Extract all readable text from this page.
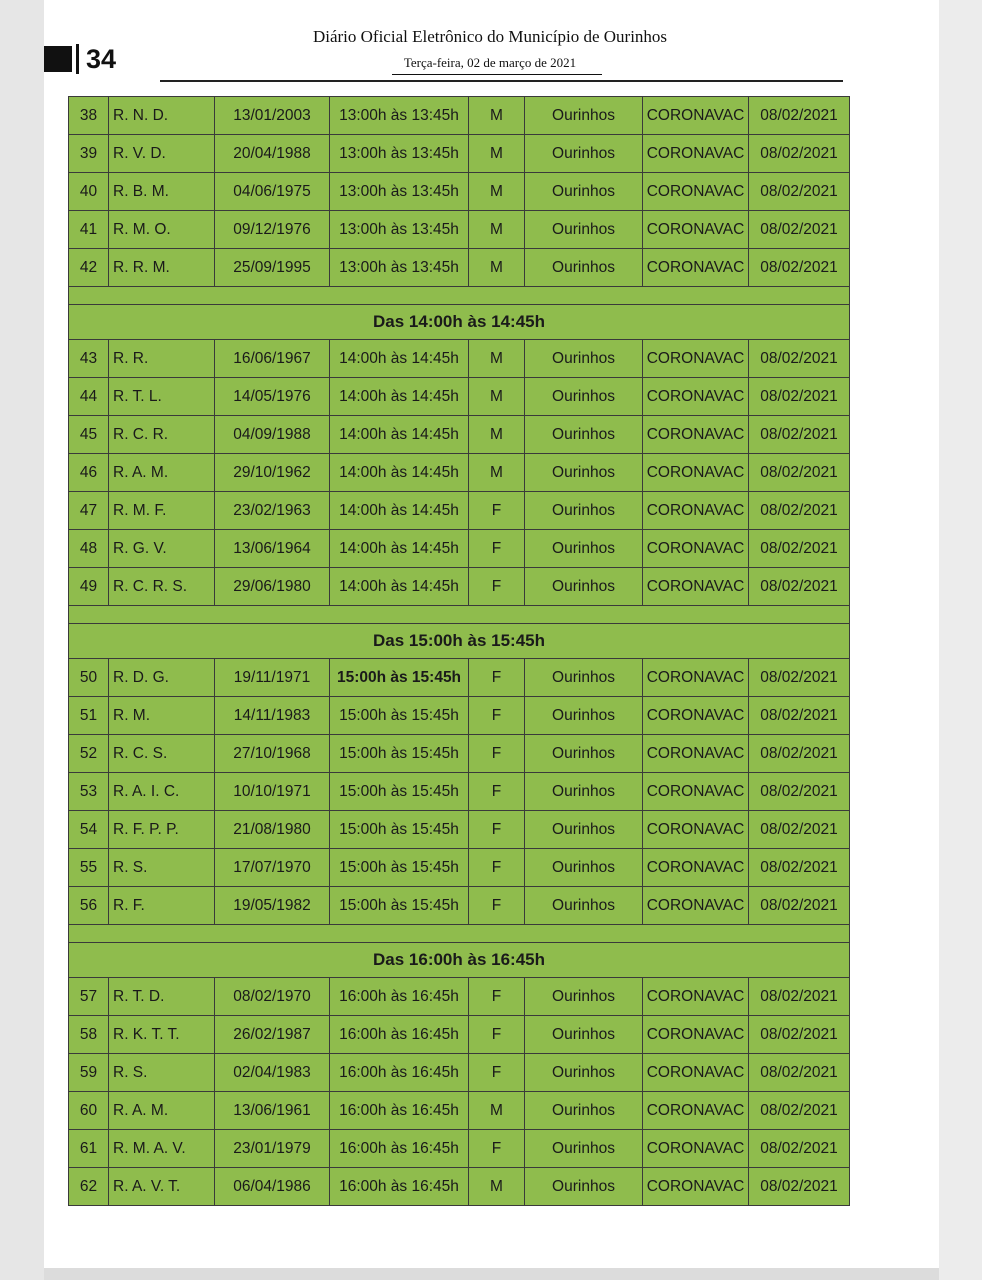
34
Diário Oficial Eletrônico do Município de Ourinhos
Terça-feira, 02 de março de 2021
38	R. N. D.	13/01/2003	13:00h às 13:45h	M	Ourinhos	CORONAVAC	08/02/2021
39	R. V. D.	20/04/1988	13:00h às 13:45h	M	Ourinhos	CORONAVAC	08/02/2021
40	R. B. M.	04/06/1975	13:00h às 13:45h	M	Ourinhos	CORONAVAC	08/02/2021
41	R. M. O.	09/12/1976	13:00h às 13:45h	M	Ourinhos	CORONAVAC	08/02/2021
42	R. R. M.	25/09/1995	13:00h às 13:45h	M	Ourinhos	CORONAVAC	08/02/2021

Das 14:00h às 14:45h							
43	R. R.	16/06/1967	14:00h às 14:45h	M	Ourinhos	CORONAVAC	08/02/2021
44	R. T. L.	14/05/1976	14:00h às 14:45h	M	Ourinhos	CORONAVAC	08/02/2021
45	R. C. R.	04/09/1988	14:00h às 14:45h	M	Ourinhos	CORONAVAC	08/02/2021
46	R. A. M.	29/10/1962	14:00h às 14:45h	M	Ourinhos	CORONAVAC	08/02/2021
47	R. M. F.	23/02/1963	14:00h às 14:45h	F	Ourinhos	CORONAVAC	08/02/2021
48	R. G. V.	13/06/1964	14:00h às 14:45h	F	Ourinhos	CORONAVAC	08/02/2021
49	R. C. R. S.	29/06/1980	14:00h às 14:45h	F	Ourinhos	CORONAVAC	08/02/2021

Das 15:00h às 15:45h							
50	R. D. G.	19/11/1971	15:00h às 15:45h	F	Ourinhos	CORONAVAC	08/02/2021
51	R. M.	14/11/1983	15:00h às 15:45h	F	Ourinhos	CORONAVAC	08/02/2021
52	R. C. S.	27/10/1968	15:00h às 15:45h	F	Ourinhos	CORONAVAC	08/02/2021
53	R. A. I. C.	10/10/1971	15:00h às 15:45h	F	Ourinhos	CORONAVAC	08/02/2021
54	R. F. P. P.	21/08/1980	15:00h às 15:45h	F	Ourinhos	CORONAVAC	08/02/2021
55	R. S.	17/07/1970	15:00h às 15:45h	F	Ourinhos	CORONAVAC	08/02/2021
56	R. F.	19/05/1982	15:00h às 15:45h	F	Ourinhos	CORONAVAC	08/02/2021

Das 16:00h às 16:45h							
57	R. T. D.	08/02/1970	16:00h às 16:45h	F	Ourinhos	CORONAVAC	08/02/2021
58	R. K. T. T.	26/02/1987	16:00h às 16:45h	F	Ourinhos	CORONAVAC	08/02/2021
59	R. S.	02/04/1983	16:00h às 16:45h	F	Ourinhos	CORONAVAC	08/02/2021
60	R. A. M.	13/06/1961	16:00h às 16:45h	M	Ourinhos	CORONAVAC	08/02/2021
61	R. M. A. V.	23/01/1979	16:00h às 16:45h	F	Ourinhos	CORONAVAC	08/02/2021
62	R. A. V. T.	06/04/1986	16:00h às 16:45h	M	Ourinhos	CORONAVAC	08/02/2021
